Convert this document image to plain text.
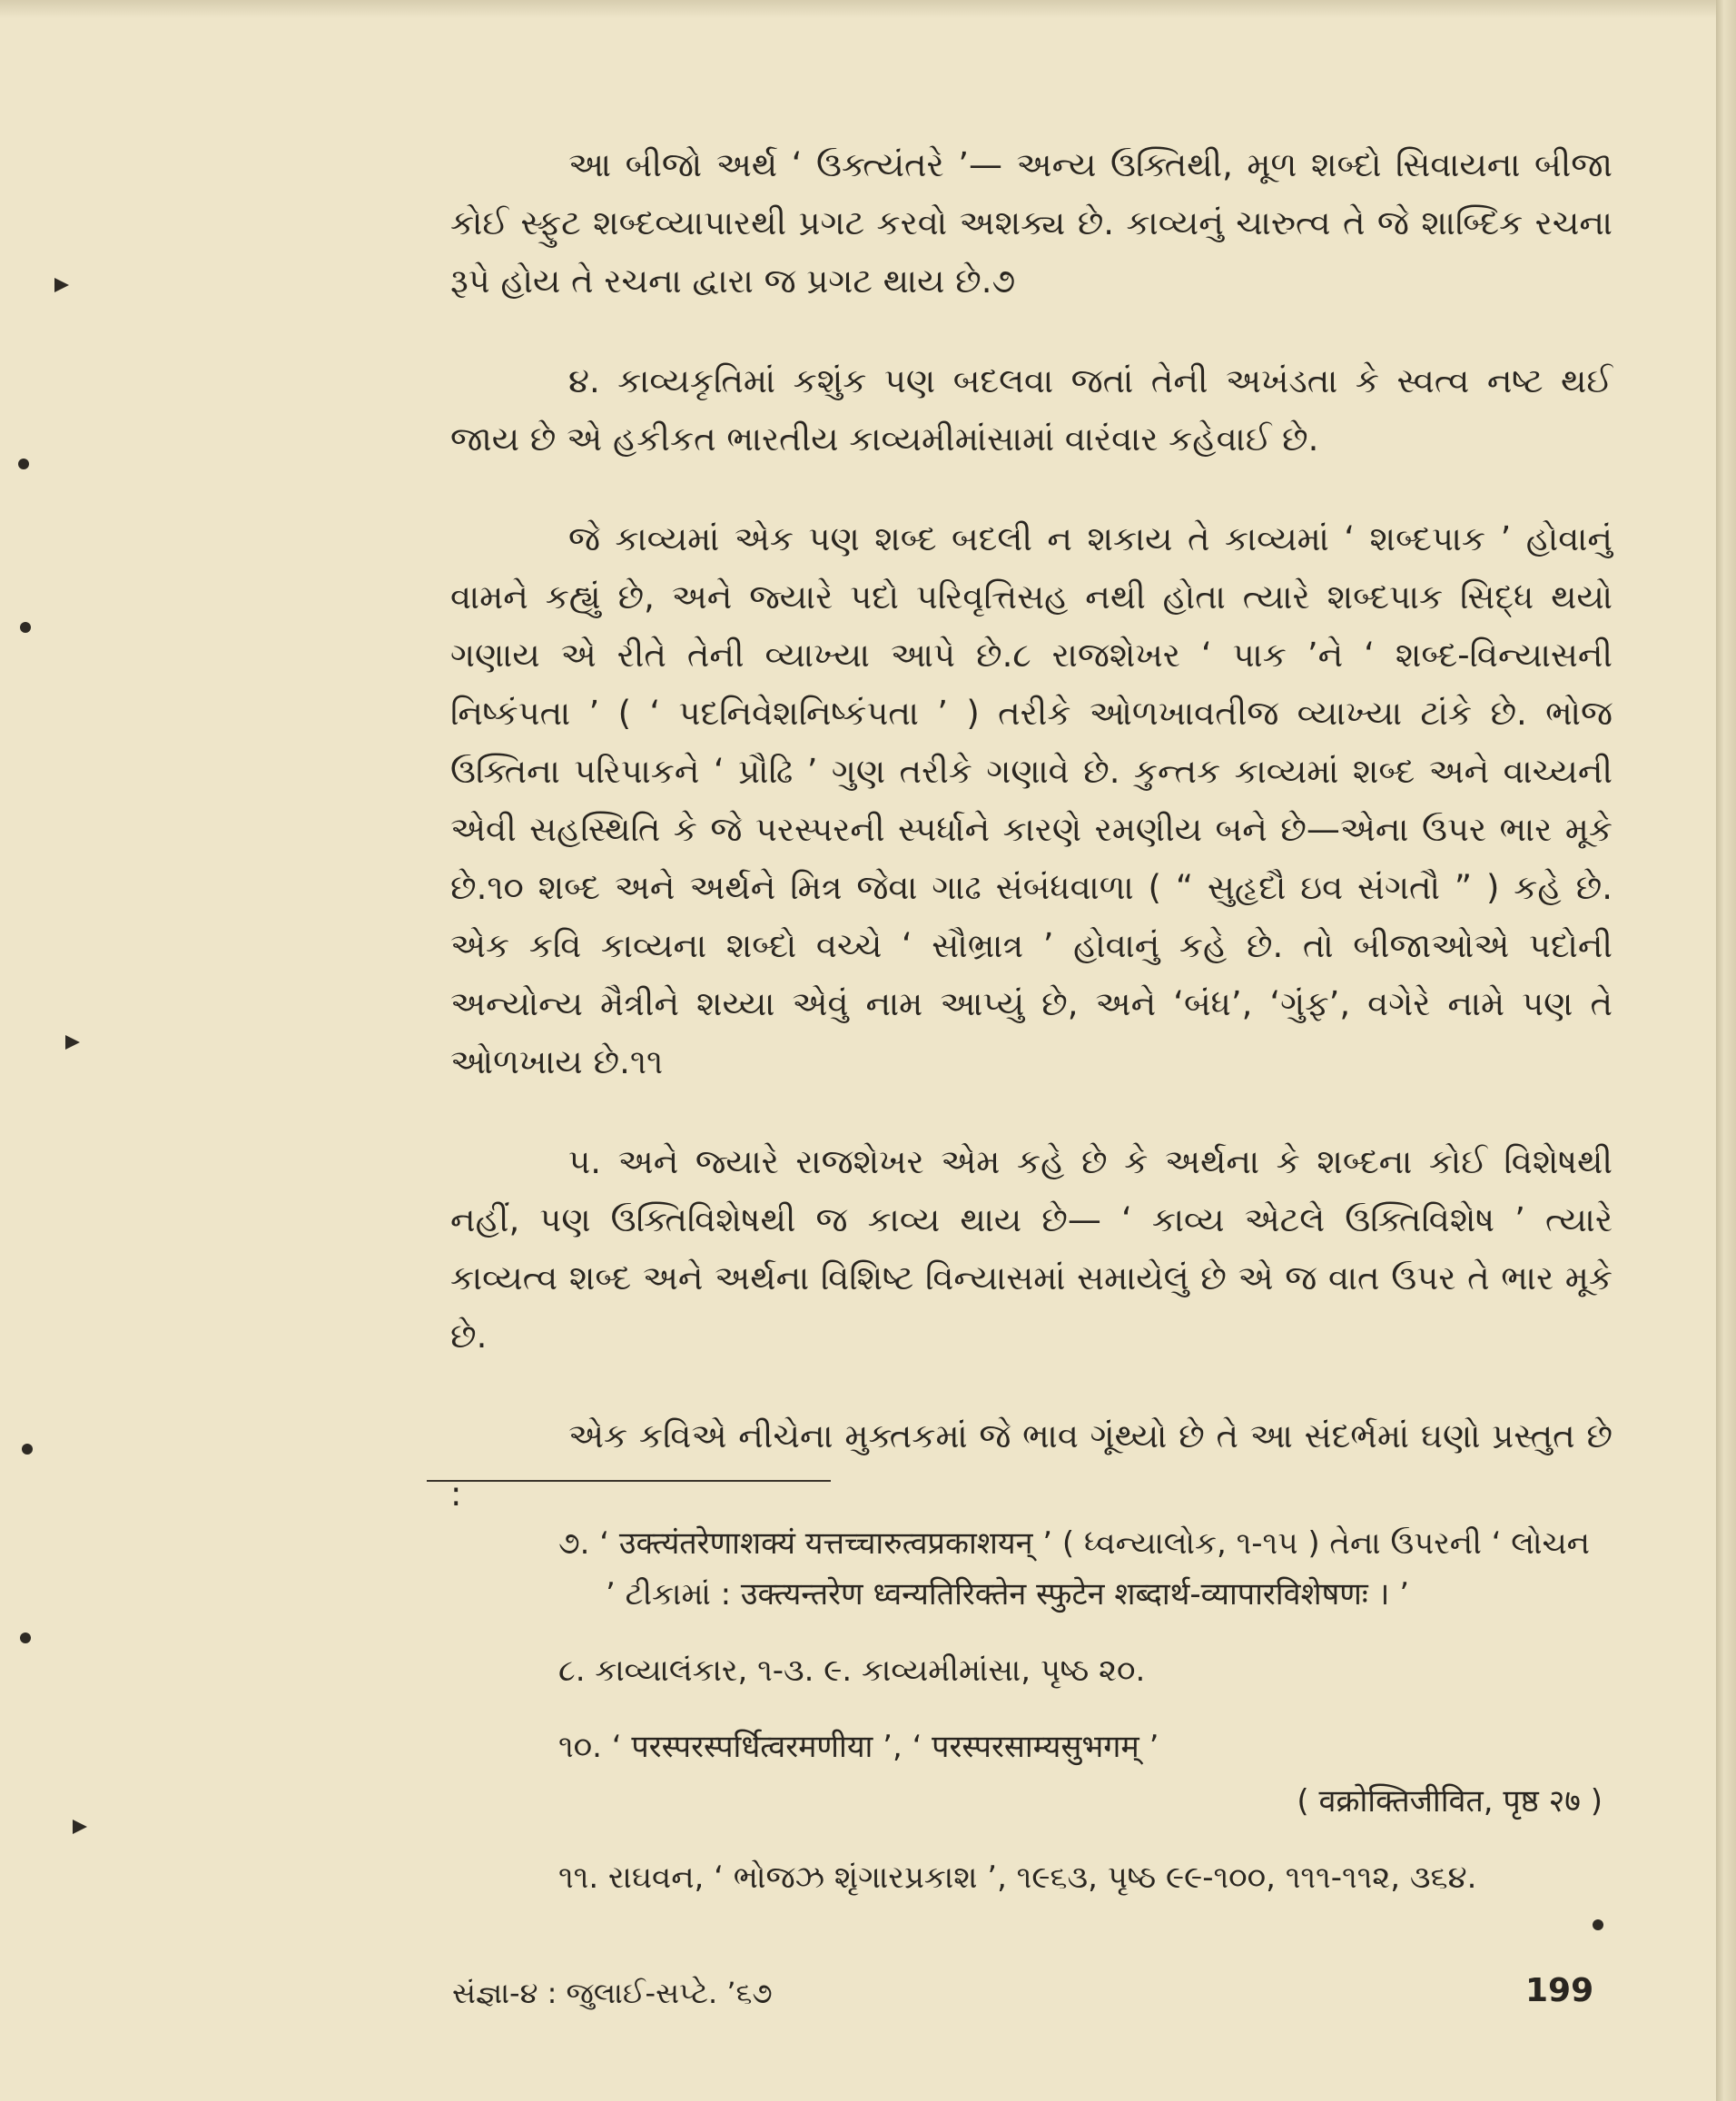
આ બીજો અર્થ ‘ ઉક્ત્યંતરે ’— અન્ય ઉક્તિથી, મૂળ શબ્દો સિવાયના બીજા કોઈ સ્ફુટ શબ્દવ્યાપારથી પ્રગટ કરવો અશક્ય છે. કાવ્યનું ચારુત્વ તે જે શાબ્દિક રચના રૂપે હોય તે રચના દ્વારા જ પ્રગટ થાય છે.૭

૪. કાવ્યકૃતિમાં કશુંક પણ બદલવા જતાં તેની અખંડતા કે સ્વત્વ નષ્ટ થઈ જાય છે એ હકીકત ભારતીય કાવ્યમીમાંસામાં વારંવાર કહેવાઈ છે.

જે કાવ્યમાં એક પણ શબ્દ બદલી ન શકાય તે કાવ્યમાં ‘ શબ્દપાક ’ હોવાનું વામને કહ્યું છે, અને જ્યારે પદો પરિવૃત્તિસહ નથી હોતા ત્યારે શબ્દપાક સિદ્ધ થયો ગણાય એ રીતે તેની વ્યાખ્યા આપે છે.૮ રાજશેખર ‘ પાક ’ને ‘ શબ્દ-વિન્યાસની નિષ્કંપતા ’ ( ‘ પદનિવેશનિષ્કંપતા ’ ) તરીકે ઓળખાવતીજ વ્યાખ્યા ટાંકે છે. ભોજ ઉક્તિના પરિપાકને ‘ પ્રૌઢિ ’ ગુણ તરીકે ગણાવે છે. કુન્તક કાવ્યમાં શબ્દ અને વાચ્યની એવી સહસ્થિતિ કે જે પરસ્પરની સ્પર્ધાને કારણે રમણીય બને છે—એના ઉપર ભાર મૂકે છે.૧૦ શબ્દ અને અર્થને મિત્ર જેવા ગાઢ સંબંધવાળા ( “ સુહૃદૌ ઇવ સંગતૌ ” ) કહે છે. એક કવિ કાવ્યના શબ્દો વચ્ચે ‘ સૌભ્રાત્ર ’ હોવાનું કહે છે. તો બીજાઓએ પદોની અન્યોન્ય મૈત્રીને શય્યા એવું નામ આપ્યું છે, અને ‘બંધ’, ‘ગુંફ’, વગેરે નામે પણ તે ઓળખાય છે.૧૧

૫. અને જ્યારે રાજશેખર એમ કહે છે કે અર્થના કે શબ્દના કોઈ વિશેષથી નહીં, પણ ઉક્તિવિશેષથી જ કાવ્ય થાય છે— ‘ કાવ્ય એટલે ઉક્તિવિશેષ ’ ત્યારે કાવ્યત્વ શબ્દ અને અર્થના વિશિષ્ટ વિન્યાસમાં સમાયેલું છે એ જ વાત ઉપર તે ભાર મૂકે છે.

એક કવિએ નીચેના મુક્તકમાં જે ભાવ ગૂંથ્યો છે તે આ સંદર્ભમાં ઘણો પ્રસ્તુત છે :

૭. ‘ उक्त्यंतरेणाशक्यं यत्तच्चारुत्वप्रकाशयन् ’ ( ધ્વન્યાલોક, ૧-૧૫ ) તેના ઉપરની ‘ લોચન ’ ટીકામાં : उक्त्यन्तरेण ध्वन्यतिरिक्तेन स्फुटेन शब्दार्थ-व्यापारविशेषणः । ’
૮. કાવ્યાલંકાર, ૧-૩. ૯. કાવ્યમીમાંસા, પૃષ્ઠ ૨૦.
૧૦. ‘ परस्परस्पर्धित्वरमणीया ’, ‘ परस्परसाम्यसुभगम् ’
( वक्रोक्तिजीवित, पृष्ठ २७ )
૧૧. રાઘવન, ‘ ભોજઝ શૃંગારપ્રકાશ ’, ૧૯૬૩, પૃષ્ઠ ૯૯-૧૦૦, ૧૧૧-૧૧૨, ૩૬૪.
સંજ્ઞા-૪ : જુલાઈ-સપ્ટે. ’૬૭	199
